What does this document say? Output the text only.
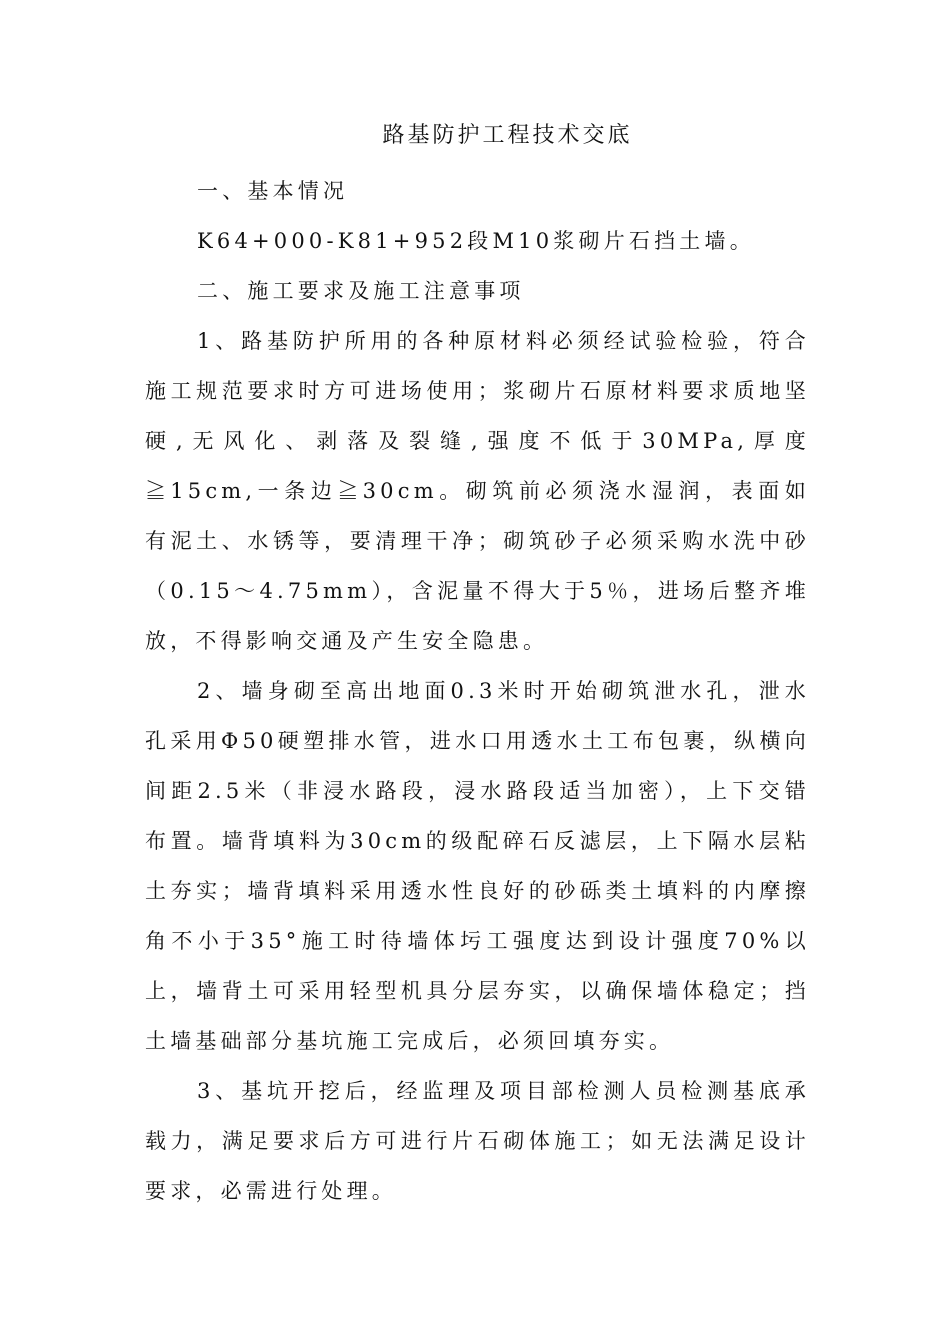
路基防护工程技术交底

一、基本情况

K64+000-K81+952段M10浆砌片石挡土墙。

二、施工要求及施工注意事项

1、路基防护所用的各种原材料必须经试验检验，符合施工规范要求时方可进场使用；浆砌片石原材料要求质地坚硬,无风化、剥落及裂缝,强度不低于30MPa,厚度≧15cm,一条边≧30cm。砌筑前必须浇水湿润，表面如有泥土、水锈等，要清理干净；砌筑砂子必须采购水洗中砂（0.15～4.75mm），含泥量不得大于5％，进场后整齐堆放，不得影响交通及产生安全隐患。

2、墙身砌至高出地面0.3米时开始砌筑泄水孔，泄水孔采用Φ50硬塑排水管，进水口用透水土工布包裹，纵横向间距2.5米（非浸水路段，浸水路段适当加密），上下交错布置。墙背填料为30cm的级配碎石反滤层，上下隔水层粘土夯实；墙背填料采用透水性良好的砂砾类土填料的内摩擦角不小于35°施工时待墙体圬工强度达到设计强度70%以上，墙背土可采用轻型机具分层夯实，以确保墙体稳定；挡土墙基础部分基坑施工完成后，必须回填夯实。

3、基坑开挖后，经监理及项目部检测人员检测基底承载力，满足要求后方可进行片石砌体施工；如无法满足设计要求，必需进行处理。
